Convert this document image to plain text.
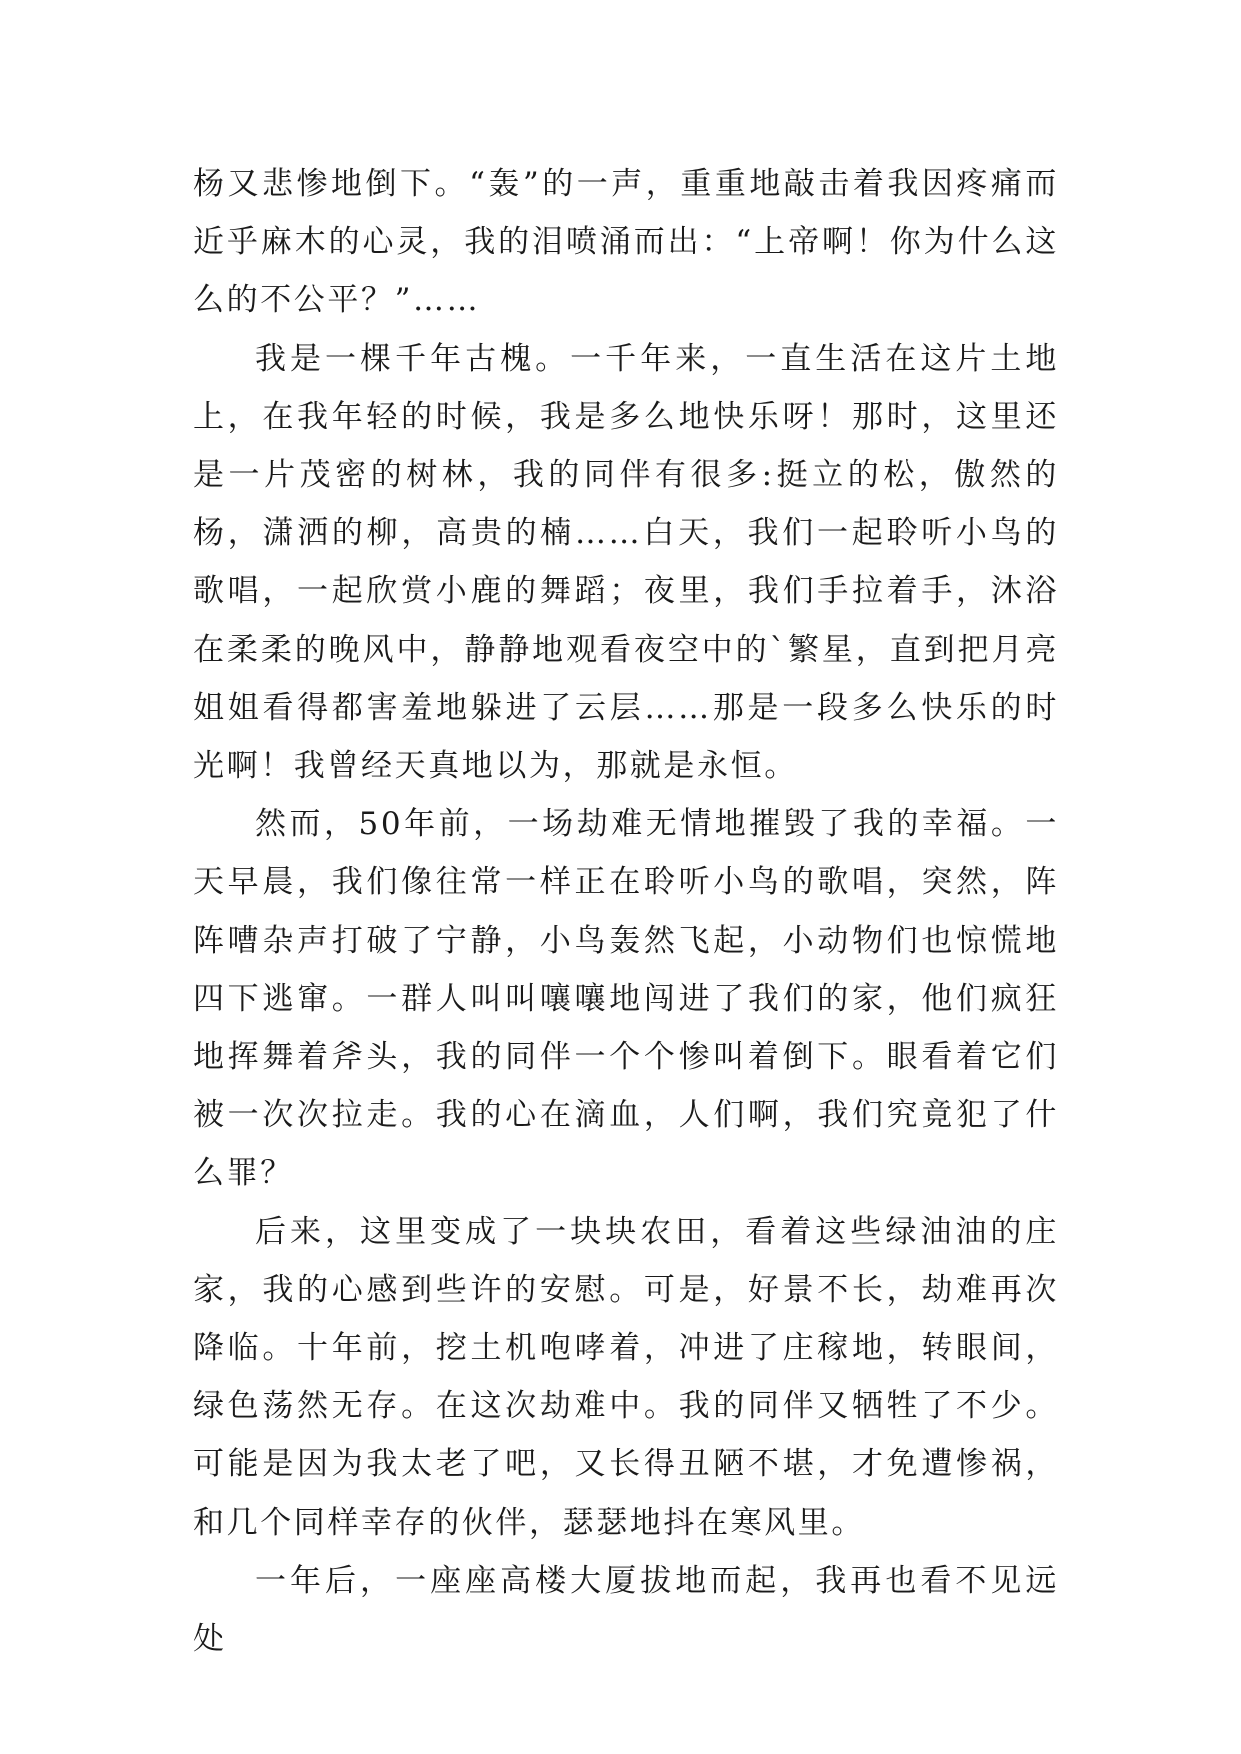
杨又悲惨地倒下。“轰”的一声，重重地敲击着我因疼痛而近乎麻木的心灵，我的泪喷涌而出：“上帝啊！你为什么这么的不公平？”……

我是一棵千年古槐。一千年来，一直生活在这片土地上，在我年轻的时候，我是多么地快乐呀！那时，这里还是一片茂密的树林，我的同伴有很多:挺立的松，傲然的杨，潇洒的柳，高贵的楠……白天，我们一起聆听小鸟的歌唱，一起欣赏小鹿的舞蹈；夜里，我们手拉着手，沐浴在柔柔的晚风中，静静地观看夜空中的`繁星，直到把月亮姐姐看得都害羞地躲进了云层……那是一段多么快乐的时光啊！我曾经天真地以为，那就是永恒。

然而，50年前，一场劫难无情地摧毁了我的幸福。一天早晨，我们像往常一样正在聆听小鸟的歌唱，突然，阵阵嘈杂声打破了宁静，小鸟轰然飞起，小动物们也惊慌地四下逃窜。一群人叫叫嚷嚷地闯进了我们的家，他们疯狂地挥舞着斧头，我的同伴一个个惨叫着倒下。眼看着它们被一次次拉走。我的心在滴血，人们啊，我们究竟犯了什么罪？

后来，这里变成了一块块农田，看着这些绿油油的庄家，我的心感到些许的安慰。可是，好景不长，劫难再次降临。十年前，挖土机咆哮着，冲进了庄稼地，转眼间，绿色荡然无存。在这次劫难中。我的同伴又牺牲了不少。可能是因为我太老了吧，又长得丑陋不堪，才免遭惨祸，和几个同样幸存的伙伴，瑟瑟地抖在寒风里。

一年后，一座座高楼大厦拔地而起，我再也看不见远处
